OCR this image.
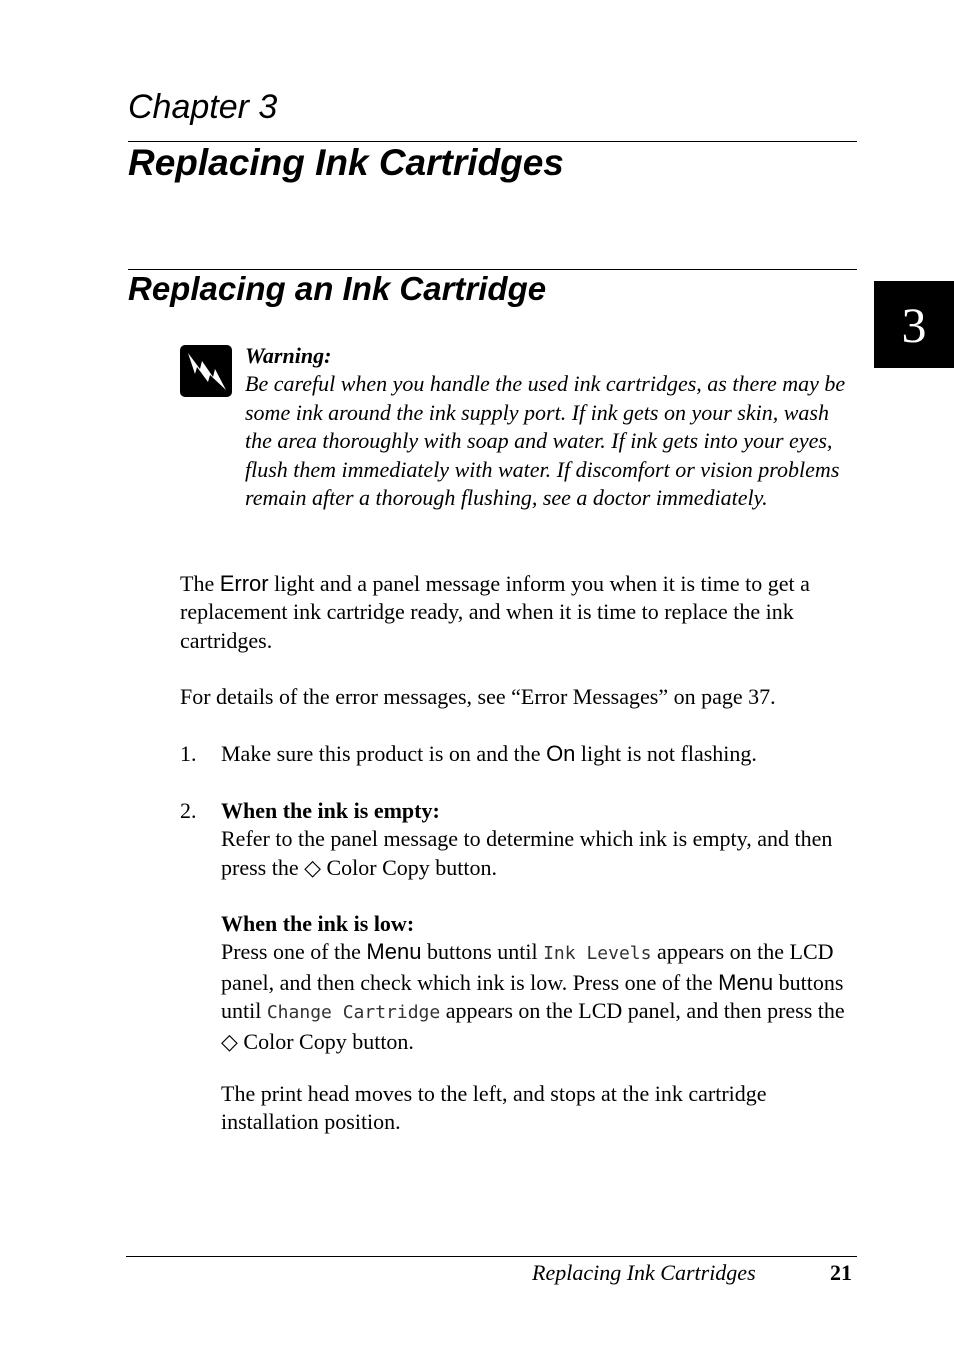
Chapter 3
Replacing Ink Cartridges
Replacing an Ink Cartridge
3
Warning:
Be careful when you handle the used ink cartridges, as there may be some ink around the ink supply port. If ink gets on your skin, wash the area thoroughly with soap and water. If ink gets into your eyes, flush them immediately with water. If discomfort or vision problems remain after a thorough flushing, see a doctor immediately.
The Error light and a panel message inform you when it is time to get a replacement ink cartridge ready, and when it is time to replace the ink cartridges.
For details of the error messages, see “Error Messages” on page 37.
1. Make sure this product is on and the On light is not flashing.
2. When the ink is empty:
Refer to the panel message to determine which ink is empty, and then press the ◇ Color Copy button.
When the ink is low:
Press one of the Menu buttons until Ink Levels appears on the LCD panel, and then check which ink is low. Press one of the Menu buttons until Change Cartridge appears on the LCD panel, and then press the ◇ Color Copy button.
The print head moves to the left, and stops at the ink cartridge installation position.
Replacing Ink Cartridges	21
